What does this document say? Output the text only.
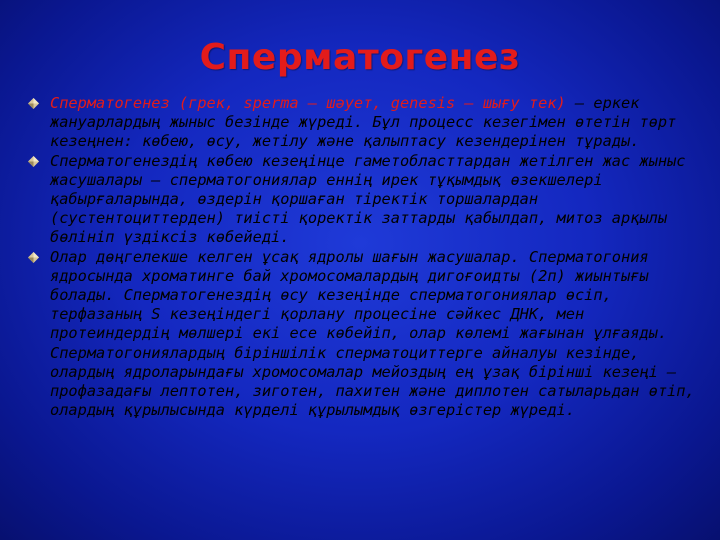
Сперматогенез

Сперматогенез (грек, sperma — шәует, genesis — шығу тек) — еркек жануарлардың жыныс безінде жүреді. Бұл процесс кезегімен өтетін төрт кезеңнен: көбею, өсу, жетілу және қалыптасу кезендерінен тұрады.

Сперматогенездің көбею кезеңінце гаметобласттардан жетілген жас жыныс жасушалары — сперматогониялар еннің ирек тұқымдық өзекшелері қабырғаларында, өздерін қоршаған тіректік торшалардан (сустентоциттерден) тиісті қоректік заттарды қабылдап, митоз арқылы бөлініп үздіксіз көбейеді.

Олар дөңгелекше келген ұсақ ядролы шағын жасушалар. Сперматогония ядросында хроматинге бай хромосомалардың дигоғоидты (2п) жиынтығы болады. Сперматогенездің өсу кезеңінде сперматогониялар өсіп, терфазаның S кезеңіндегі қорлану процесіне сәйкес ДНК, мен протеиндердің мөлшері екі есе көбейіп, олар көлемі жағынан ұлғаяды. Сперматогониялардың біріншілік сперматоциттерге айналуы кезінде, олардың ядроларындағы хромосомалар мейоздың ең ұзақ бірінші кезеңі — профазадағы лептотен, зиготен, пахитен және диплотен сатыларьдан өтіп, олардың құрылысында күрделі құрылымдық өзгерістер жүреді.
